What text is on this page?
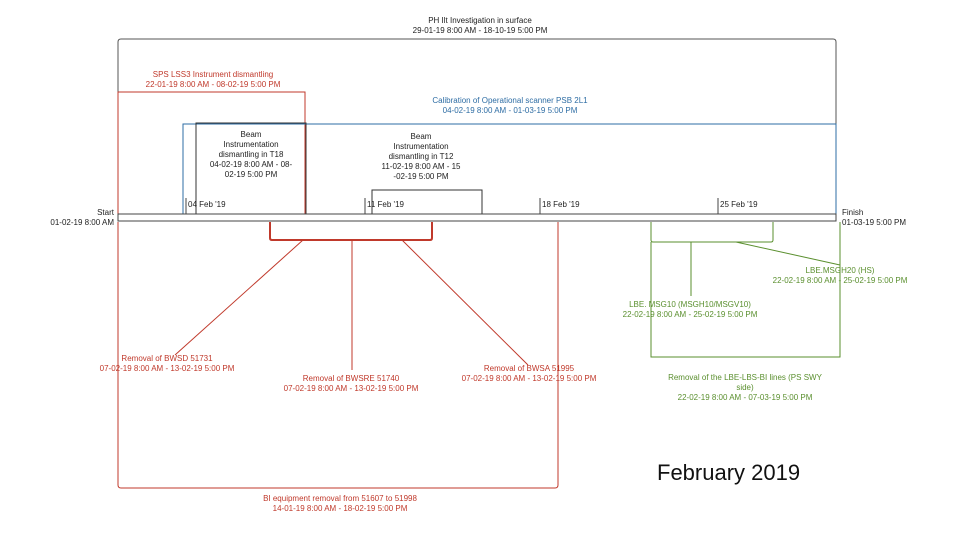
PH Ilt Investigation in surface
29-01-19 8:00 AM - 18-10-19 5:00 PM
SPS LSS3 Instrument dismantling
22-01-19 8:00 AM - 08-02-19 5:00 PM
Calibration of Operational scanner PSB 2L1
04-02-19 8:00 AM - 01-03-19 5:00 PM
Beam
Instrumentation
dismantling in T18
04-02-19 8:00 AM - 08-
02-19 5:00 PM
Beam
Instrumentation
dismantling in T12
11-02-19 8:00 AM - 15
-02-19 5:00 PM
04 Feb '19	11 Feb '19	18 Feb '19	25 Feb '19
Start
01-02-19 8:00 AM
Finish
01-03-19 5:00 PM
LBE.MSGH20 (HS)
22-02-19 8:00 AM - 25-02-19 5:00 PM
LBE. MSG10 (MSGH10/MSGV10)
22-02-19 8:00 AM - 25-02-19 5:00 PM
Removal of BWSD 51731
07-02-19 8:00 AM - 13-02-19 5:00 PM
Removal of BWSRE 51740
07-02-19 8:00 AM - 13-02-19 5:00 PM
Removal of BWSA 51995
07-02-19 8:00 AM - 13-02-19 5:00 PM	Removal of the LBE-LBS-BI lines (PS SWY
side)
22-02-19 8:00 AM - 07-03-19 5:00 PM
BI equipment removal from 51607 to 51998
14-01-19 8:00 AM - 18-02-19 5:00 PM
February 2019
